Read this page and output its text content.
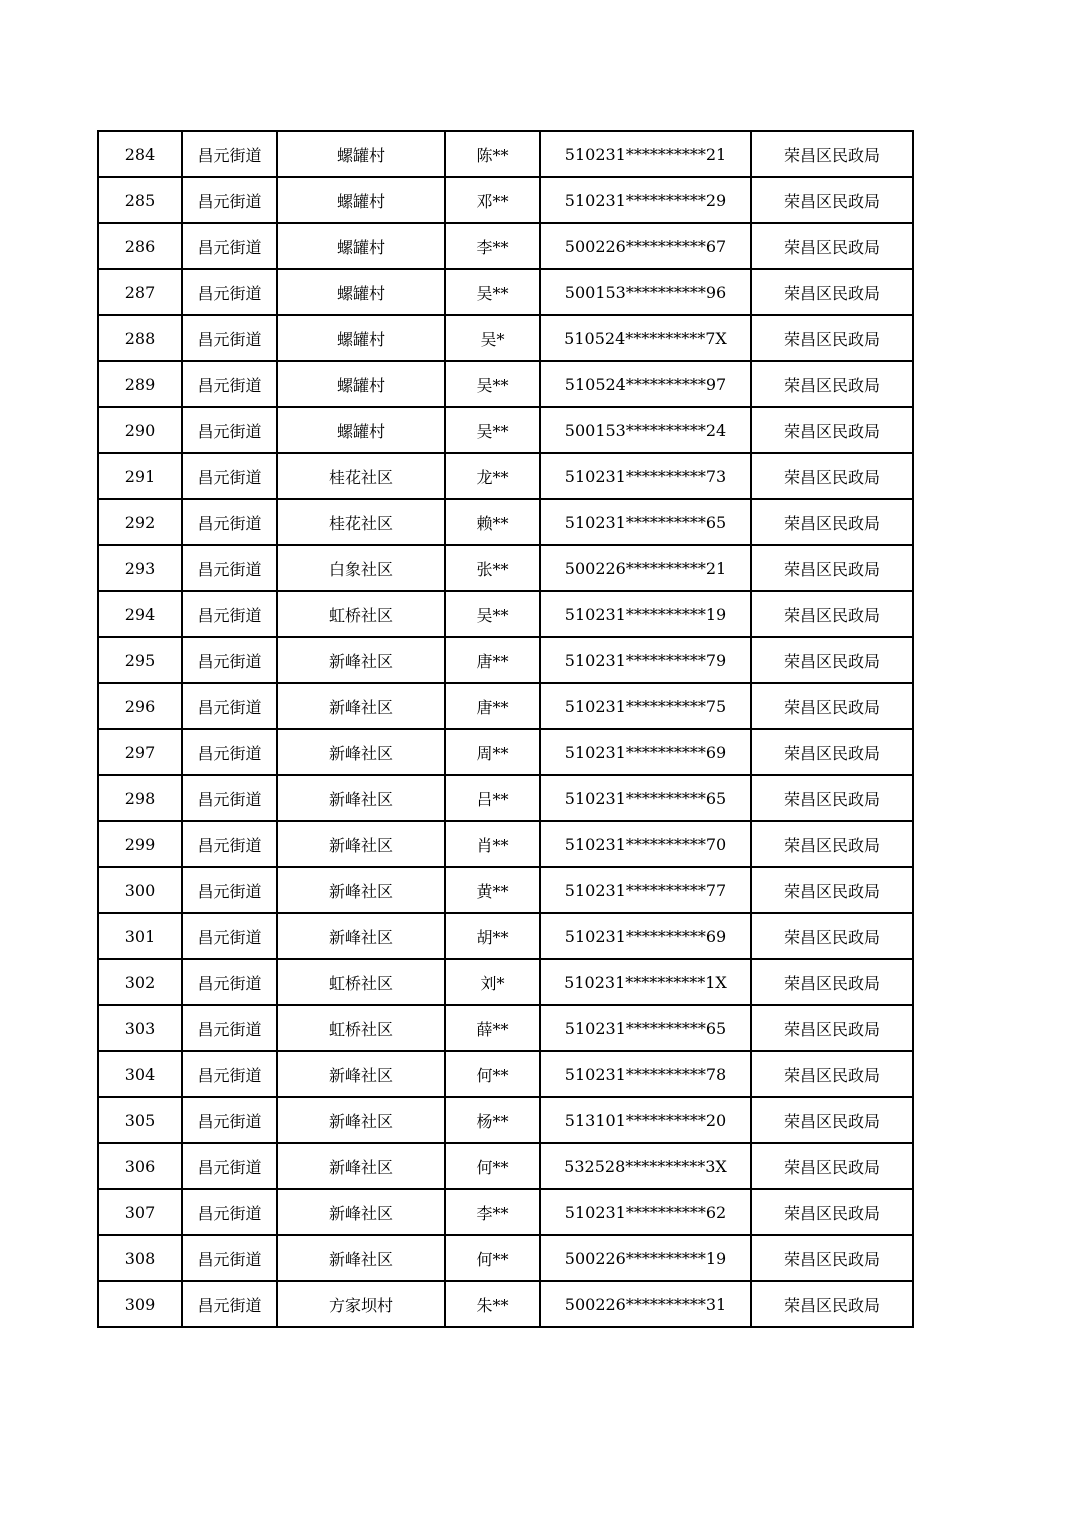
284	昌元街道	螺罐村	陈**	510231**********21	荣昌区民政局
285	昌元街道	螺罐村	邓**	510231**********29	荣昌区民政局
286	昌元街道	螺罐村	李**	500226**********67	荣昌区民政局
287	昌元街道	螺罐村	吴**	500153**********96	荣昌区民政局
288	昌元街道	螺罐村	吴*	510524**********7X	荣昌区民政局
289	昌元街道	螺罐村	吴**	510524**********97	荣昌区民政局
290	昌元街道	螺罐村	吴**	500153**********24	荣昌区民政局
291	昌元街道	桂花社区	龙**	510231**********73	荣昌区民政局
292	昌元街道	桂花社区	赖**	510231**********65	荣昌区民政局
293	昌元街道	白象社区	张**	500226**********21	荣昌区民政局
294	昌元街道	虹桥社区	吴**	510231**********19	荣昌区民政局
295	昌元街道	新峰社区	唐**	510231**********79	荣昌区民政局
296	昌元街道	新峰社区	唐**	510231**********75	荣昌区民政局
297	昌元街道	新峰社区	周**	510231**********69	荣昌区民政局
298	昌元街道	新峰社区	吕**	510231**********65	荣昌区民政局
299	昌元街道	新峰社区	肖**	510231**********70	荣昌区民政局
300	昌元街道	新峰社区	黄**	510231**********77	荣昌区民政局
301	昌元街道	新峰社区	胡**	510231**********69	荣昌区民政局
302	昌元街道	虹桥社区	刘*	510231**********1X	荣昌区民政局
303	昌元街道	虹桥社区	薛**	510231**********65	荣昌区民政局
304	昌元街道	新峰社区	何**	510231**********78	荣昌区民政局
305	昌元街道	新峰社区	杨**	513101**********20	荣昌区民政局
306	昌元街道	新峰社区	何**	532528**********3X	荣昌区民政局
307	昌元街道	新峰社区	李**	510231**********62	荣昌区民政局
308	昌元街道	新峰社区	何**	500226**********19	荣昌区民政局
309	昌元街道	方家坝村	朱**	500226**********31	荣昌区民政局
